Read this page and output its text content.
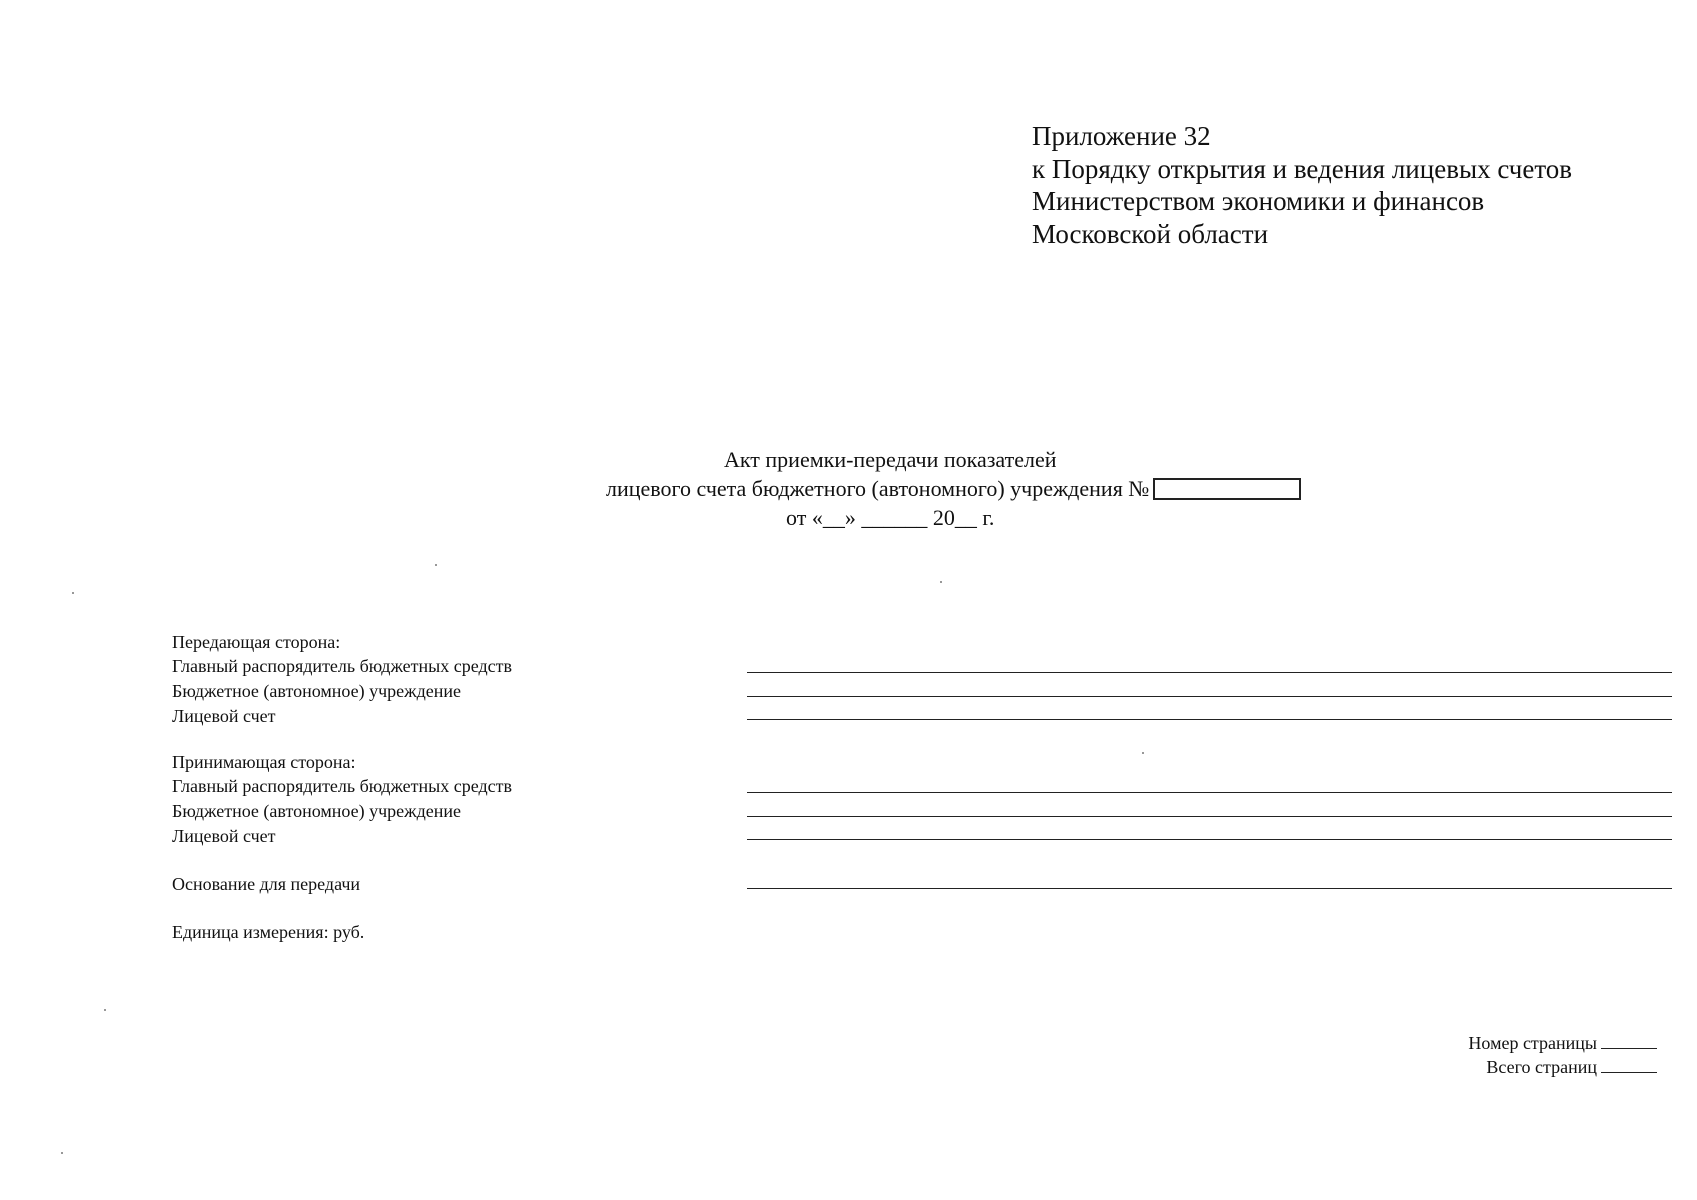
Приложение 32
к Порядку открытия и ведения лицевых счетов
Министерством экономики и финансов
Московской области
Акт приемки-передачи показателей
лицевого счета бюджетного (автономного) учреждения №
от «__» ______ 20__ г.
Передающая сторона:
Главный распорядитель бюджетных средств
Бюджетное (автономное) учреждение
Лицевой счет
Принимающая сторона:
Главный распорядитель бюджетных средств
Бюджетное (автономное) учреждение
Лицевой счет
Основание для передачи
Единица измерения: руб.
Номер страницы
Всего страниц
